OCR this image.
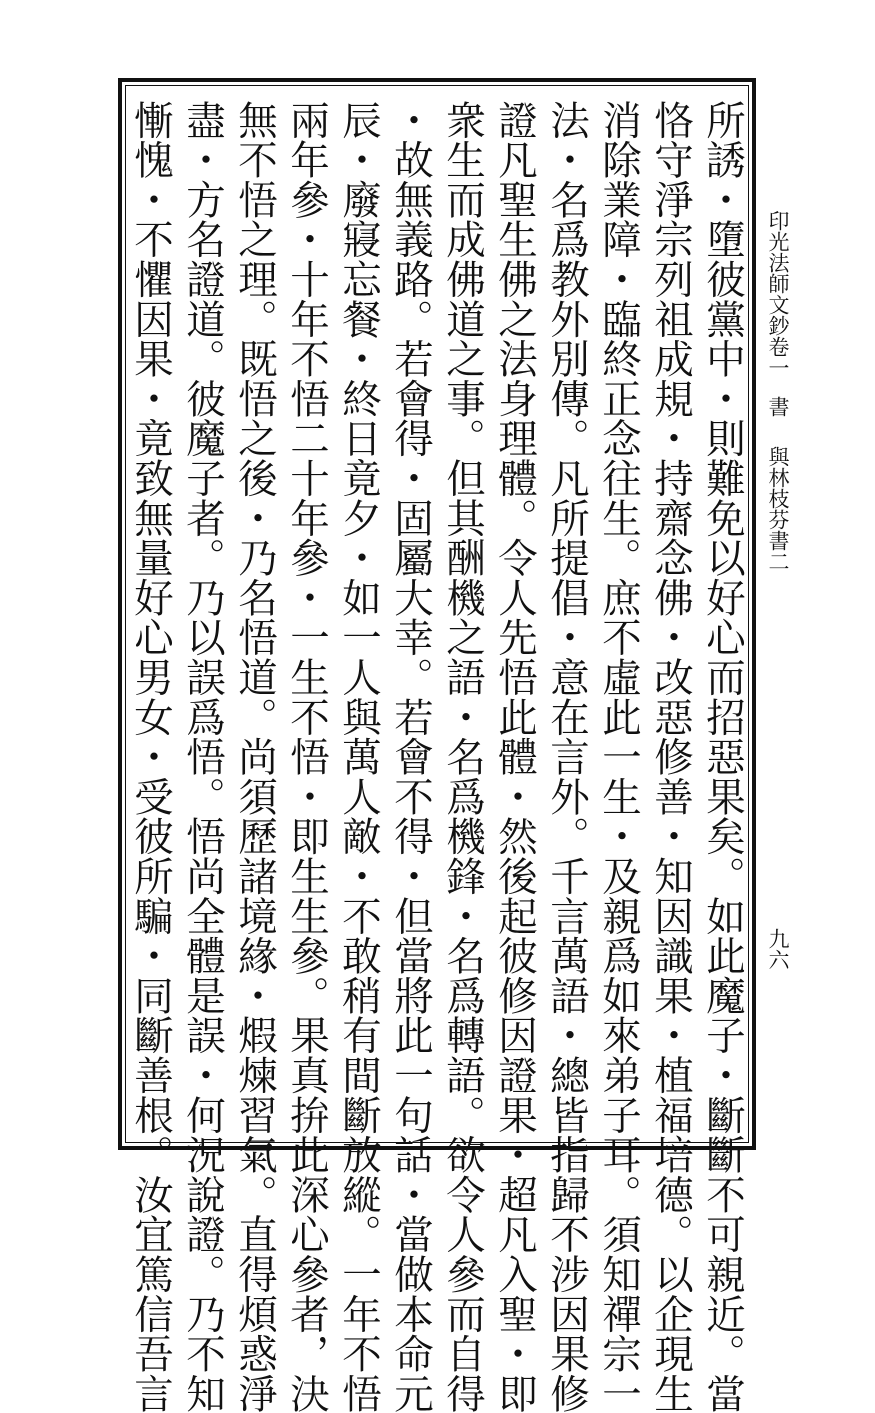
印光法師文鈔卷一
書
與林枝芬書二
九六
所誘・墮彼黨中・則難免以好心而招惡果矣。如此魔子・斷斷不可親近。當
恪守淨宗列祖成規・持齋念佛・改惡修善・知因識果・植福培德。以企現生
消除業障・臨終正念往生。庶不虛此一生・及親爲如來弟子耳。須知禪宗一
法・名爲教外別傳。凡所提倡・意在言外。千言萬語・總皆指歸不涉因果修
證凡聖生佛之法身理體。令人先悟此體・然後起彼修因證果・超凡入聖・即
衆生而成佛道之事。但其酬機之語・名爲機鋒・名爲轉語。欲令人參而自得
・故無義路。若會得・固屬大幸。若會不得・但當將此一句話・當做本命元
辰・廢寢忘餐・終日竟夕・如一人與萬人敵・不敢稍有間斷放縱。一年不悟
兩年參・十年不悟二十年參・一生不悟・即生生參。果真拚此深心參者，決
無不悟之理。既悟之後・乃名悟道。尚須歷諸境緣・煆煉習氣。直得煩惑淨
盡・方名證道。彼魔子者。乃以誤爲悟。悟尚全體是誤・何況說證。乃不知
慚愧・不懼因果・竟致無量好心男女・受彼所騙・同斷善根。汝宜篤信吾言
